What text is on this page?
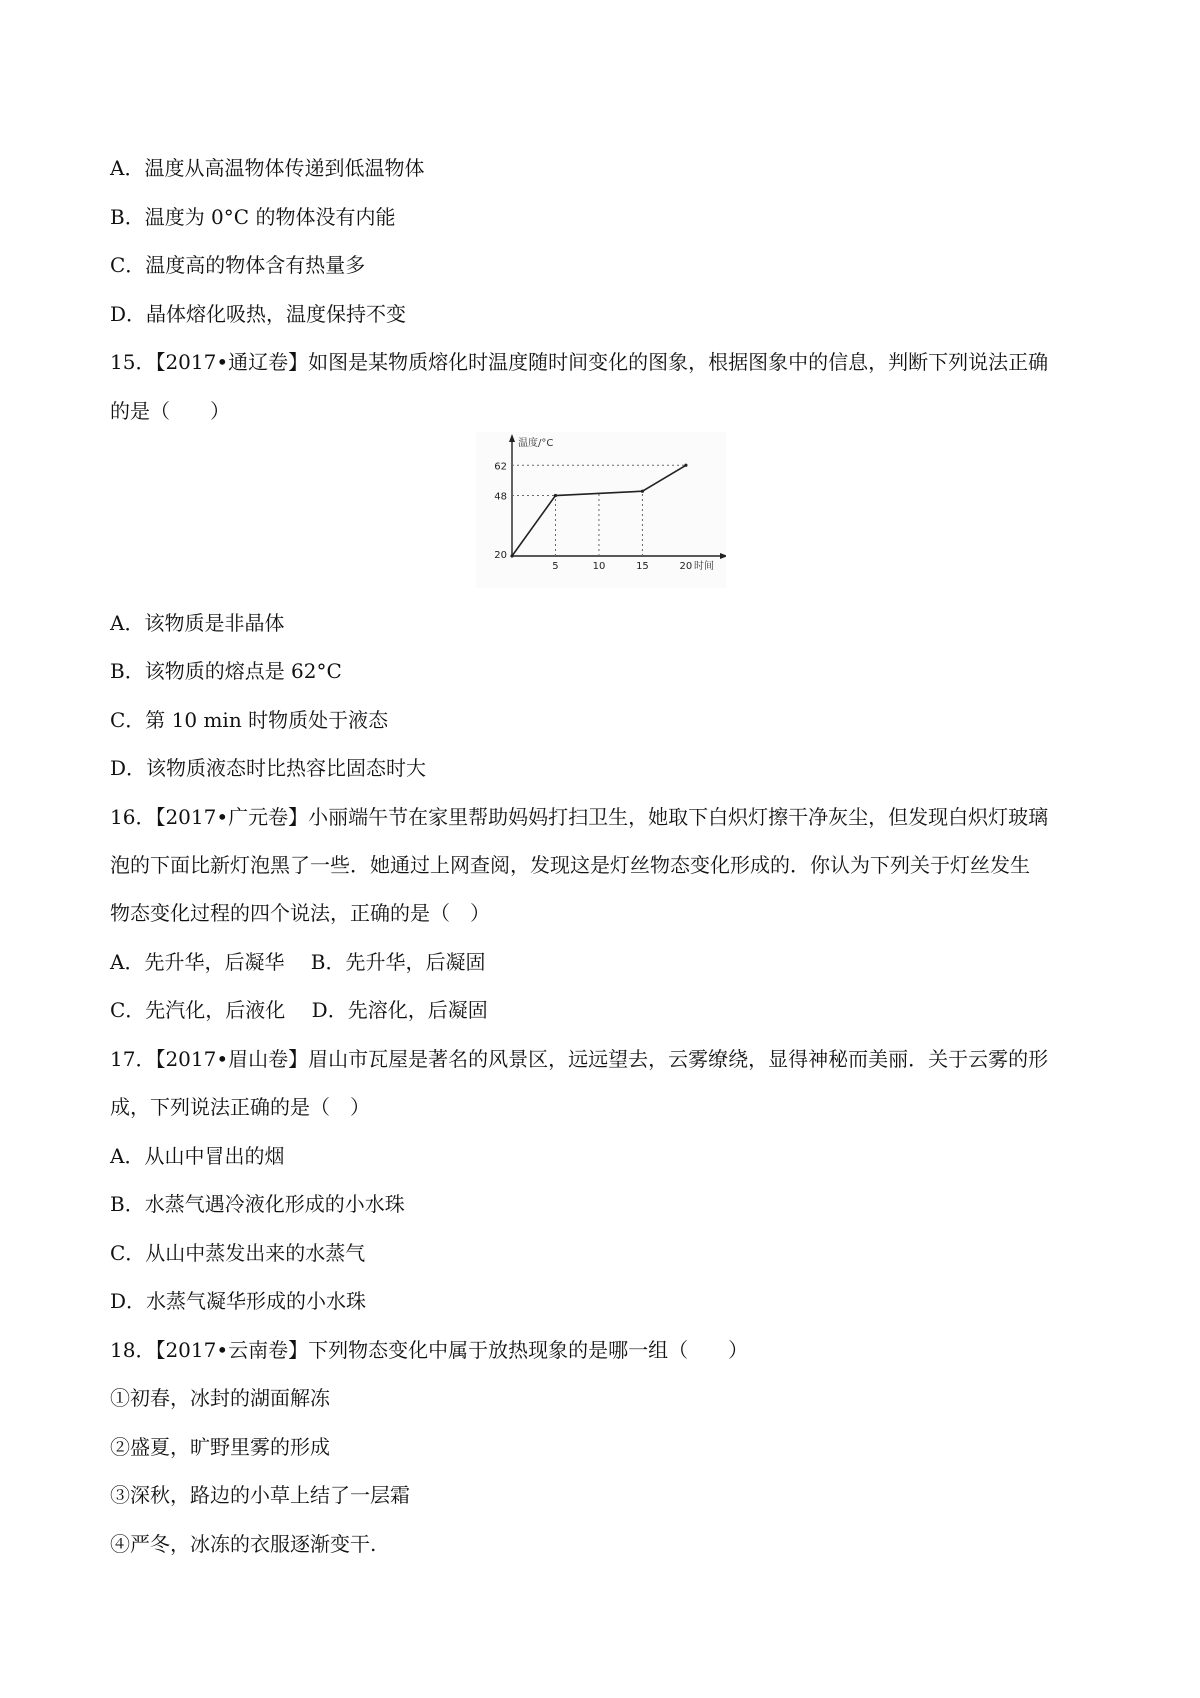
A．温度从高温物体传递到低温物体
B．温度为 0°C 的物体没有内能
C．温度高的物体含有热量多
D．晶体熔化吸热，温度保持不变
15．【2017•通辽卷】如图是某物质熔化时温度随时间变化的图象，根据图象中的信息，判断下列说法正确
的是（　　）
5	10	15	20
20
48
62
温度/°C
时间
A．该物质是非晶体
B．该物质的熔点是 62°C
C．第 10 min 时物质处于液态
D．该物质液态时比热容比固态时大
16．【2017•广元卷】小丽端午节在家里帮助妈妈打扫卫生，她取下白炽灯擦干净灰尘，但发现白炽灯玻璃
泡的下面比新灯泡黑了一些．她通过上网查阅，发现这是灯丝物态变化形成的．你认为下列关于灯丝发生
物态变化过程的四个说法，正确的是（　）
A．先升华，后凝华　 B．先升华，后凝固
C．先汽化，后液化　 D．先溶化，后凝固
17．【2017•眉山卷】眉山市瓦屋是著名的风景区，远远望去，云雾缭绕，显得神秘而美丽．关于云雾的形
成，下列说法正确的是（　）
A．从山中冒出的烟
B．水蒸气遇冷液化形成的小水珠
C．从山中蒸发出来的水蒸气
D．水蒸气凝华形成的小水珠
18．【2017•云南卷】下列物态变化中属于放热现象的是哪一组（　　）
①初春，冰封的湖面解冻
②盛夏，旷野里雾的形成
③深秋，路边的小草上结了一层霜
④严冬，冰冻的衣服逐渐变干.
